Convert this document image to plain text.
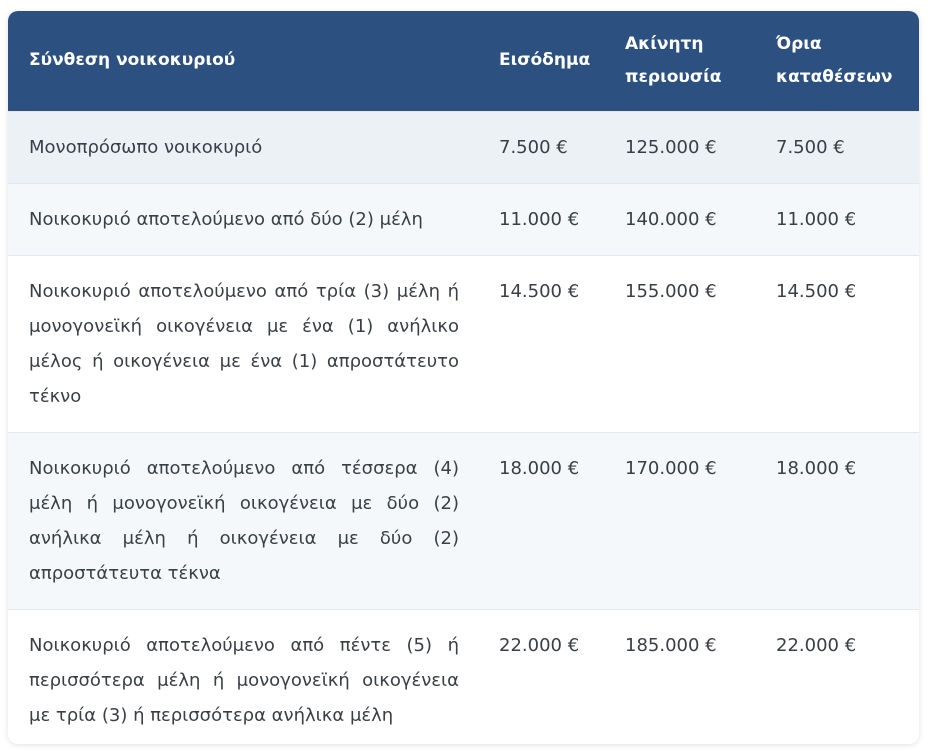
Σύνθεση νοικοκυριού	Εισόδημα	Ακίνητη περιουσία	Όρια καταθέσεων
Μονοπρόσωπο νοικοκυριό	7.500 €	125.000 €	7.500 €
Νοικοκυριό αποτελούμενο από δύο (2) μέλη	11.000 €	140.000 €	11.000 €
Νοικοκυριό αποτελούμενο από τρία (3) μέλη ή μονογονεϊκή οικογένεια με ένα (1) ανήλικο μέλος ή οικογένεια με ένα (1) απροστάτευτο τέκνο	14.500 €	155.000 €	14.500 €
Νοικοκυριό αποτελούμενο από τέσσερα (4) μέλη ή μονογονεϊκή οικογένεια με δύο (2) ανήλικα μέλη ή οικογένεια με δύο (2) απροστάτευτα τέκνα	18.000 €	170.000 €	18.000 €
Νοικοκυριό αποτελούμενο από πέντε (5) ή περισσότερα μέλη ή μονογονεϊκή οικογένεια με τρία (3) ή περισσότερα ανήλικα μέλη	22.000 €	185.000 €	22.000 €
